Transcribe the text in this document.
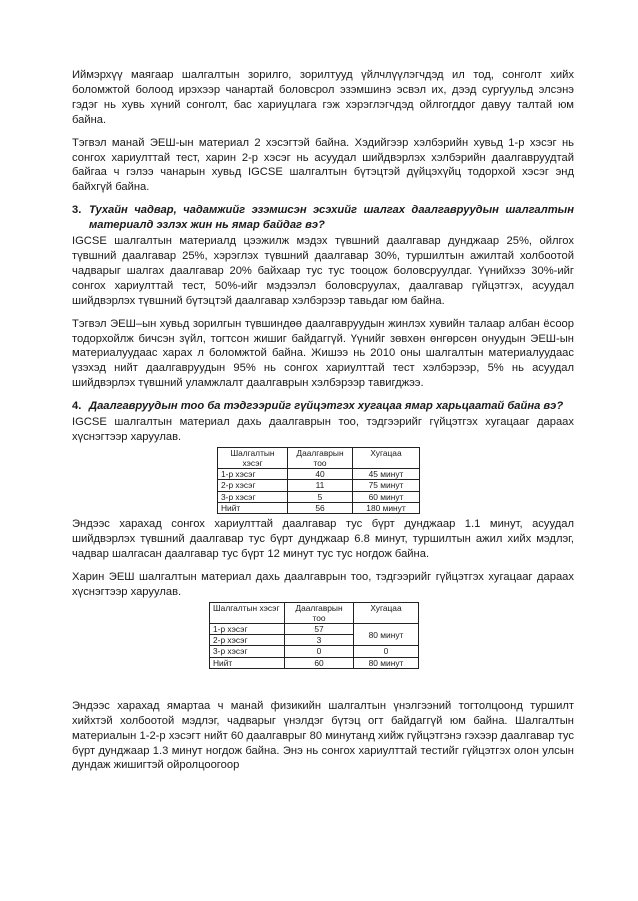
Иймэрхүү маягаар шалгалтын зорилго, зорилтууд үйлчлүүлэгчдэд ил тод, сонголт хийх боломжтой болоод ирэхээр чанартай боловсрол эзэмшинэ эсвэл их, дээд сургуульд элсэнэ гэдэг нь хувь хүний сонголт, бас хариуцлага гэж хэрэглэгчдэд ойлгогддог давуу талтай юм байна.

Тэгвэл манай ЭЕШ-ын материал 2 хэсэгтэй байна. Хэдийгээр хэлбэрийн хувьд 1-р хэсэг нь сонгох хариулттай тест, харин 2-р хэсэг нь асуудал шийдвэрлэх хэлбэрийн даалгавруудтай байгаа ч гэлээ чанарын хувьд IGCSE шалгалтын бүтэцтэй дүйцэхүйц тодорхой хэсэг энд байхгүй байна.

3. Тухайн чадвар, чадамжийг эзэмшсэн эсэхийг шалгах даалгавруудын шалгалтын материалд эзлэх жин нь ямар байдаг вэ?

IGCSE шалгалтын материалд цээжилж мэдэх түвшний даалгавар дунджаар 25%, ойлгох түвшний даалгавар 25%, хэрэглэх түвшний даалгавар 30%, туршилтын ажилтай холбоотой чадварыг шалгах даалгавар 20% байхаар тус тус тооцож боловсруулдаг. Үүнийхээ 30%-ийг сонгох хариулттай тест, 50%-ийг мэдээлэл боловсруулах, даалгавар гүйцэтгэх, асуудал шийдвэрлэх түвшний бүтэцтэй даалгавар хэлбэрээр тавьдаг юм байна.

Тэгвэл ЭЕШ–ын хувьд зорилгын түвшиндөө даалгавруудын жинлэх хувийн талаар албан ёсоор тодорхойлж бичсэн зүйл, тогтсон жишиг байдаггүй. Үүнийг зөвхөн өнгөрсөн онуудын ЭЕШ-ын материалуудаас харах л боломжтой байна. Жишээ нь 2010 оны шалгалтын материалуудаас үзэхэд нийт даалгавруудын 95% нь сонгох хариулттай тест хэлбэрээр, 5% нь асуудал шийдвэрлэх түвшний уламжлалт даалгаврын хэлбэрээр тавигджээ.

4. Даалгавруудын тоо ба тэдгээрийг гүйцэтгэх хугацаа ямар харьцаатай байна вэ?

IGCSE шалгалтын материал дахь даалгаврын тоо, тэдгээрийг гүйцэтгэх хугацааг дараах хүснэгтээр харуулав.

Шалгалтын хэсэг	Даалгаврын тоо	Хугацаа
1-р хэсэг	40	45 минут
2-р хэсэг	11	75 минут
3-р хэсэг	5	60 минут
Нийт	56	180 минут

Эндээс харахад сонгох хариулттай даалгавар тус бүрт дунджаар 1.1 минут, асуудал шийдвэрлэх түвшний даалгавар тус бүрт дунджаар 6.8 минут, туршилтын ажил хийх мэдлэг, чадвар шалгасан даалгавар тус бүрт 12 минут тус тус ногдож байна.

Харин ЭЕШ шалгалтын материал дахь даалгаврын тоо, тэдгээрийг гүйцэтгэх хугацааг дараах хүснэгтээр харуулав.

Шалгалтын хэсэг	Даалгаврын тоо	Хугацаа
1-р хэсэг	57	80 минут
2-р хэсэг	3	
3-р хэсэг	0	0
Нийт	60	80 минут

Эндээс харахад ямартаа ч манай физикийн шалгалтын үнэлгээний тогтолцоонд туршилт хийхтэй холбоотой мэдлэг, чадварыг үнэлдэг бүтэц огт байдаггүй юм байна. Шалгалтын материалын 1-2-р хэсэгт нийт 60 даалгаврыг 80 минутанд хийж гүйцэтгэнэ гэхээр даалгавар тус бүрт дунджаар 1.3 минут ногдож байна. Энэ нь сонгох хариулттай тестийг гүйцэтгэх олон улсын дундаж жишигтэй ойролцоогоор
